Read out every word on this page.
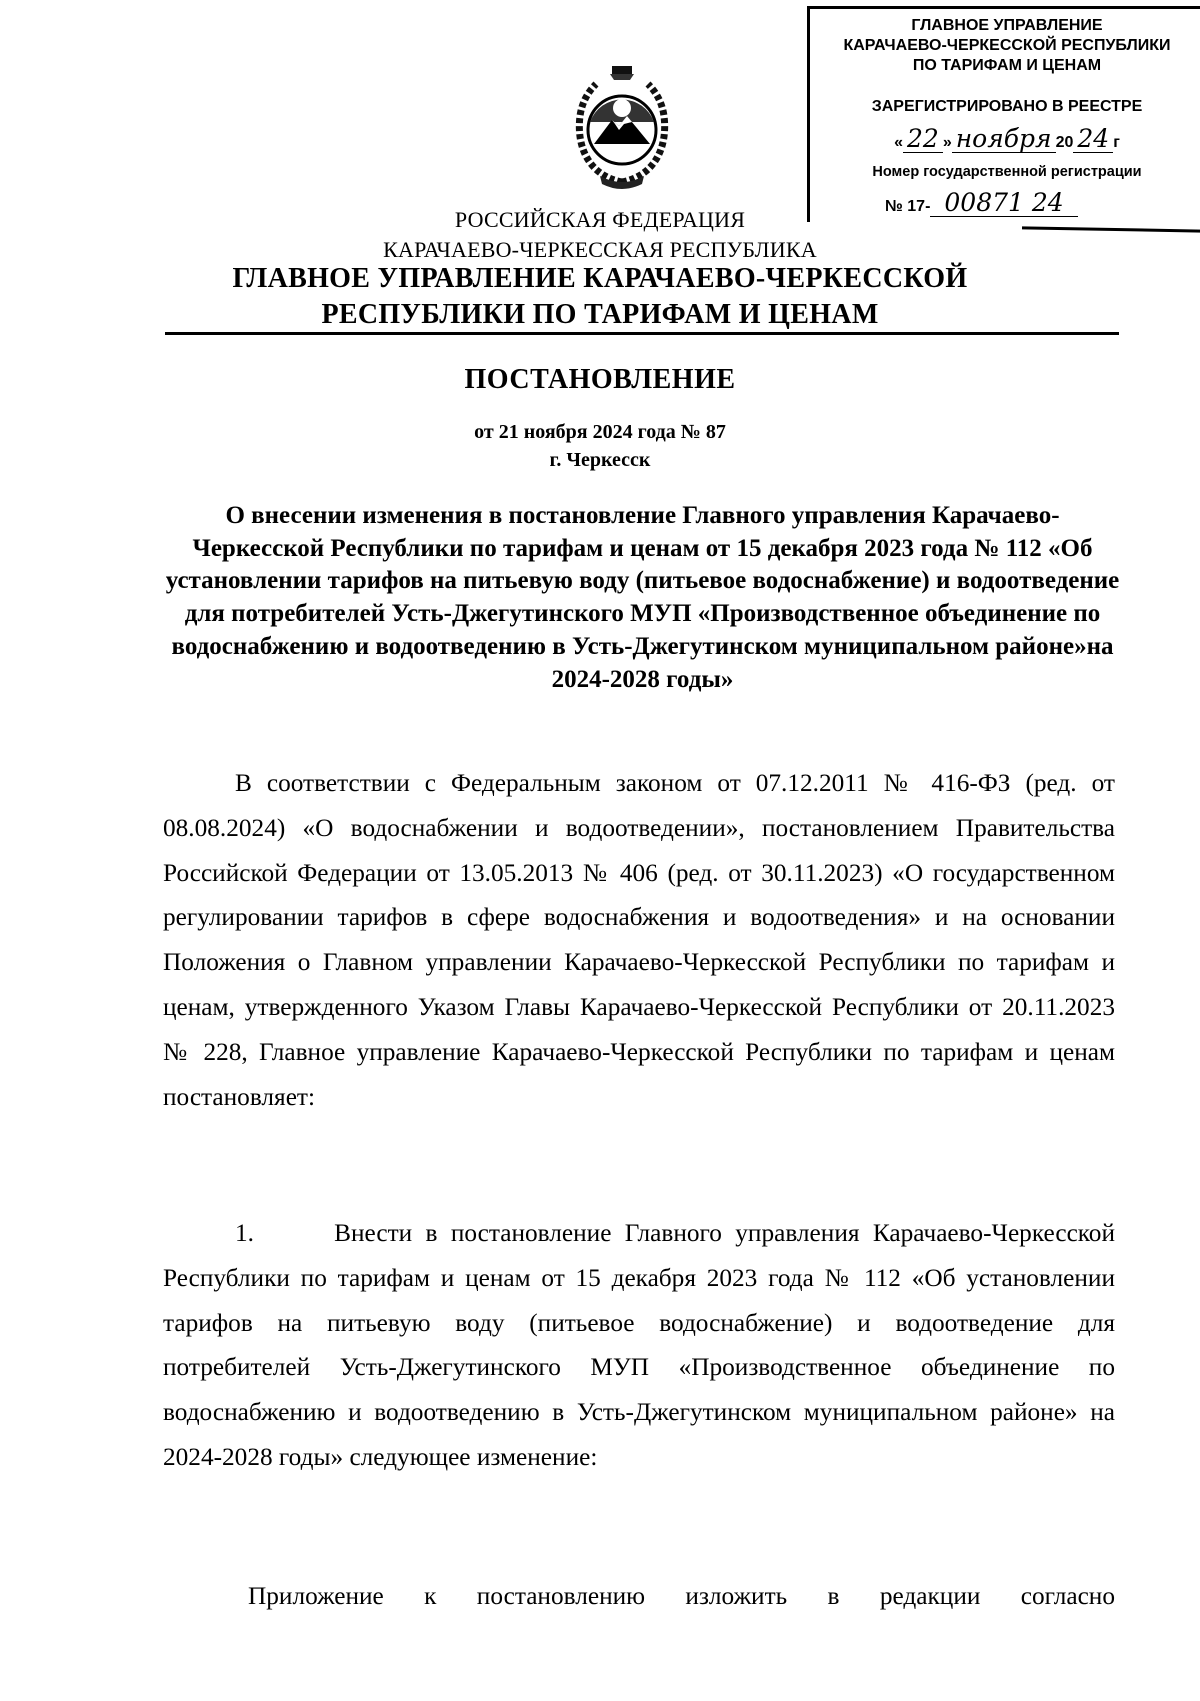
ГЛАВНОЕ УПРАВЛЕНИЕ
КАРАЧАЕВО-ЧЕРКЕССКОЙ РЕСПУБЛИКИ
ПО ТАРИФАМ И ЦЕНАМ
ЗАРЕГИСТРИРОВАНО В РЕЕСТРЕ
« 22 » ноября 20 24 г
Номер государственной регистрации
№ 17- 00871 24
РОССИЙСКАЯ ФЕДЕРАЦИЯ
КАРАЧАЕВО-ЧЕРКЕССКАЯ РЕСПУБЛИКА
ГЛАВНОЕ УПРАВЛЕНИЕ КАРАЧАЕВО-ЧЕРКЕССКОЙ
РЕСПУБЛИКИ ПО ТАРИФАМ И ЦЕНАМ
ПОСТАНОВЛЕНИЕ
от 21 ноября 2024 года № 87
г. Черкесск
О внесении изменения в постановление Главного управления Карачаево-Черкесской Республики по тарифам и ценам от 15 декабря 2023 года № 112 «Об установлении тарифов на питьевую воду (питьевое водоснабжение) и водоотведение для потребителей Усть-Джегутинского МУП «Производственное объединение по водоснабжению и водоотведению в Усть-Джегутинском муниципальном районе»на 2024-2028 годы»
В соответствии с Федеральным законом от 07.12.2011 № 416-ФЗ (ред. от 08.08.2024) «О водоснабжении и водоотведении», постановлением Правительства Российской Федерации от 13.05.2013 № 406 (ред. от 30.11.2023) «О государственном регулировании тарифов в сфере водоснабжения и водоотведения» и на основании Положения о Главном управлении Карачаево-Черкесской Республики по тарифам и ценам, утвержденного Указом Главы Карачаево-Черкесской Республики от 20.11.2023 № 228, Главное управление Карачаево-Черкесской Республики по тарифам и ценам постановляет:
1.      Внести в постановление Главного управления Карачаево-Черкесской Республики по тарифам и ценам от 15 декабря 2023 года № 112 «Об установлении тарифов на питьевую воду (питьевое водоснабжение) и водоотведение для потребителей Усть-Джегутинского МУП «Производственное объединение по водоснабжению и водоотведению в Усть-Джегутинском муниципальном районе» на 2024-2028 годы» следующее изменение:
Приложение к постановлению изложить в редакции согласно
